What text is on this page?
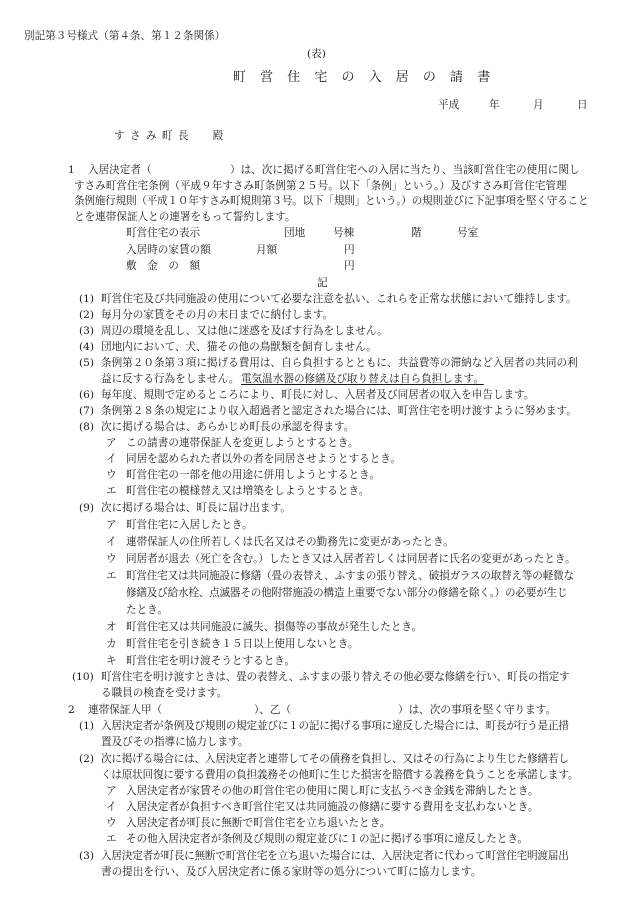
別記第３号様式（第４条、第１２条関係）
(表)
町 営 住 宅 の 入 居 の 請 書
平成	年	月	日
す さ み 町 長　　殿
1 入居決定者（	）は、次に掲げる町営住宅への入居に当たり、当該町営住宅の使用に関し
すさみ町営住宅条例（平成９年すさみ町条例第２５号。以下「条例」という。）及びすさみ町営住宅管理
条例施行規則（平成１０年すさみ町規則第３号。以下「規則」という。）の規則並びに下記事項を堅く守ること
とを連帯保証人との連署をもって誓約します。
町営住宅の表示	団地	号棟	階	号室
入居時の家賃の額	月額	円
敷　金　の　額	円
記
(1) 町営住宅及び共同施設の使用について必要な注意を払い、これらを正常な状態において維持します。
(2) 毎月分の家賃をその月の末日までに納付します。
(3) 周辺の環境を乱し、又は他に迷惑を及ぼす行為をしません。
(4) 団地内において、犬、猫その他の鳥獣類を飼育しません。
(5) 条例第２０条第３項に掲げる費用は、自ら負担するとともに、共益費等の滞納など入居者の共同の利
益に反する行為をしません。 電気温水器の修繕及び取り替えは自ら負担します。
(6) 毎年度、規則で定めるところにより、町長に対し、入居者及び同居者の収入を申告します。
(7) 条例第２８条の規定により収入超過者と認定された場合には、町営住宅を明け渡すように努めます。
(8) 次に掲げる場合は、あらかじめ町長の承認を得ます。
ア この請書の連帯保証人を変更しようとするとき。
イ 同居を認められた者以外の者を同居させようとするとき。
ウ 町営住宅の一部を他の用途に併用しようとするとき。
エ 町営住宅の模様替え又は増築をしようとするとき。
(9) 次に掲げる場合は、町長に届け出ます。
ア 町営住宅に入居したとき。
イ 連帯保証人の住所若しくは氏名又はその勤務先に変更があったとき。
ウ 同居者が退去（死亡を含む。）したとき又は入居者若しくは同居者に氏名の変更があったとき。
エ 町営住宅又は共同施設に修繕（畳の表替え、ふすまの張り替え、破損ガラスの取替え等の軽微な
修繕及び給水栓、点滅器その他附帯施設の構造上重要でない部分の修繕を除く。）の必要が生じ
たとき。
オ 町営住宅又は共同施設に滅失、損傷等の事故が発生したとき。
カ 町営住宅を引き続き１５日以上使用しないとき。
キ 町営住宅を明け渡そうとするとき。
(10) 町営住宅を明け渡すときは、畳の表替え、ふすまの張り替えその他必要な修繕を行い、町長の指定す
る職員の検査を受けます。
2 連帯保証人甲（	）、乙（	）は、次の事項を堅く守ります。
(1) 入居決定者が条例及び規則の規定並びに１の記に掲げる事項に違反した場合には、町長が行う是正措
置及びその指導に協力します。
(2) 次に掲げる場合には、入居決定者と連帯してその債務を負担し、又はその行為により生じた修繕若し
くは原状回復に要する費用の負担義務その他町に生じた損害を賠償する義務を負うことを承諾します。
ア 入居決定者が家賃その他の町営住宅の使用に関し町に支払うべき金銭を滞納したとき。
イ 入居決定者が負担すべき町営住宅又は共同施設の修繕に要する費用を支払わないとき。
ウ 入居決定者が町長に無断で町営住宅を立ち退いたとき。
エ その他入居決定者が条例及び規則の規定並びに１の記に掲げる事項に違反したとき。
(3) 入居決定者が町長に無断で町営住宅を立ち退いた場合には、入居決定者に代わって町営住宅明渡届出
書の提出を行い、及び入居決定者に係る家財等の処分について町に協力します。
